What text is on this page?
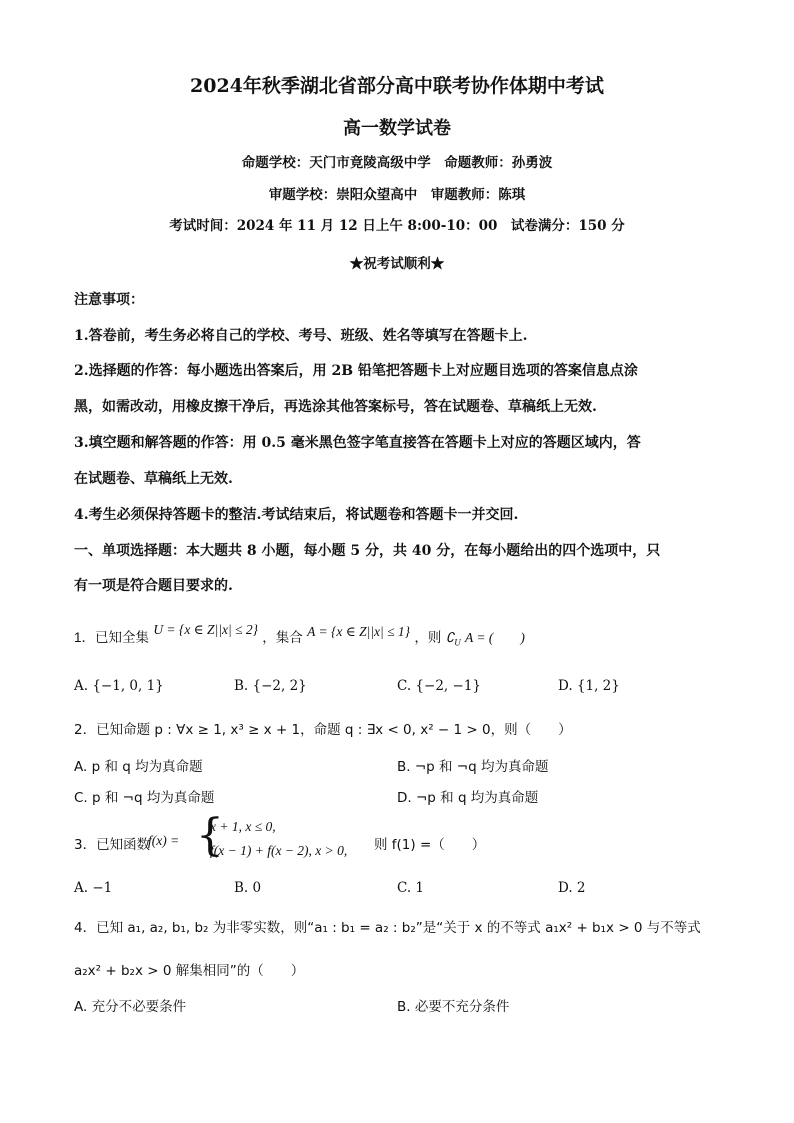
2024年秋季湖北省部分高中联考协作体期中考试
高一数学试卷
命题学校：天门市竟陵高级中学　命题教师：孙勇波
审题学校：崇阳众望高中　审题教师：陈琪
考试时间：2024 年 11 月 12 日上午 8:00-10：00　试卷满分：150 分
★祝考试顺利★
注意事项：
1.答卷前，考生务必将自己的学校、考号、班级、姓名等填写在答题卡上.
2.选择题的作答：每小题选出答案后，用 2B 铅笔把答题卡上对应题目选项的答案信息点涂
黑，如需改动，用橡皮擦干净后，再选涂其他答案标号，答在试题卷、草稿纸上无效.
3.填空题和解答题的作答：用 0.5 毫米黑色签字笔直接答在答题卡上对应的答题区域内，答
在试题卷、草稿纸上无效.
4.考生必须保持答题卡的整洁.考试结束后，将试题卷和答题卡一并交回.
一、单项选择题：本大题共 8 小题，每小题 5 分，共 40 分，在每小题给出的四个选项中，只
有一项是符合题目要求的.
1．已知全集 U = {x ∈ Z||x| ≤ 2} ，集合 A = {x ∈ Z||x| ≤ 1} ，则 $∁_U$ A = (　　)
A. {−1, 0, 1}	B. {−2, 2}	C. {−2, −1}	D. {1, 2}
2．已知命题 p : ∀x ≥ 1, x³ ≥ x + 1，命题 q : ∃x < 0, x² − 1 > 0，则（　　）
A. p 和 q 均为真命题	B. ¬p 和 ¬q 均为真命题
C. p 和 ¬q 均为真命题	D. ¬p 和 q 均为真命题
3．已知函数
f(x) = {
x + 1, x ≤ 0,
f(x − 1) + f(x − 2), x > 0, 则 f(1) =（　　）
A. −1	B. 0	C. 1	D. 2
4．已知 a₁, a₂, b₁, b₂ 为非零实数，则“a₁ : b₁ = a₂ : b₂”是“关于 x 的不等式 a₁x² + b₁x > 0 与不等式
a₂x² + b₂x > 0 解集相同”的（　　）
A. 充分不必要条件	B. 必要不充分条件
